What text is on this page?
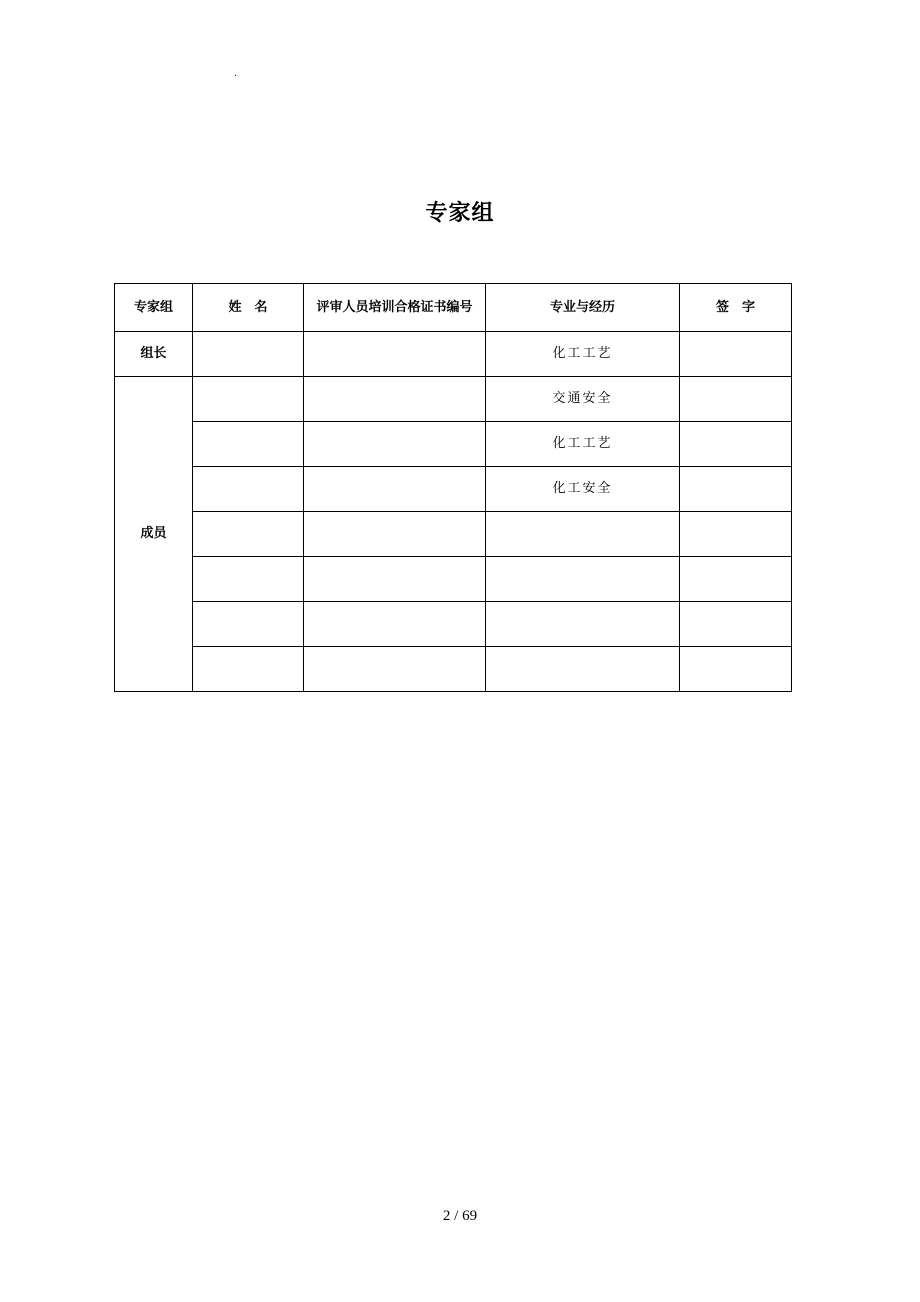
.
专家组
专家组	姓　名	评审人员培训合格证书编号	专业与经历	签　字
组长			化工工艺	
成员			交通安全	
			化工工艺	
			化工安全	

2 / 69
